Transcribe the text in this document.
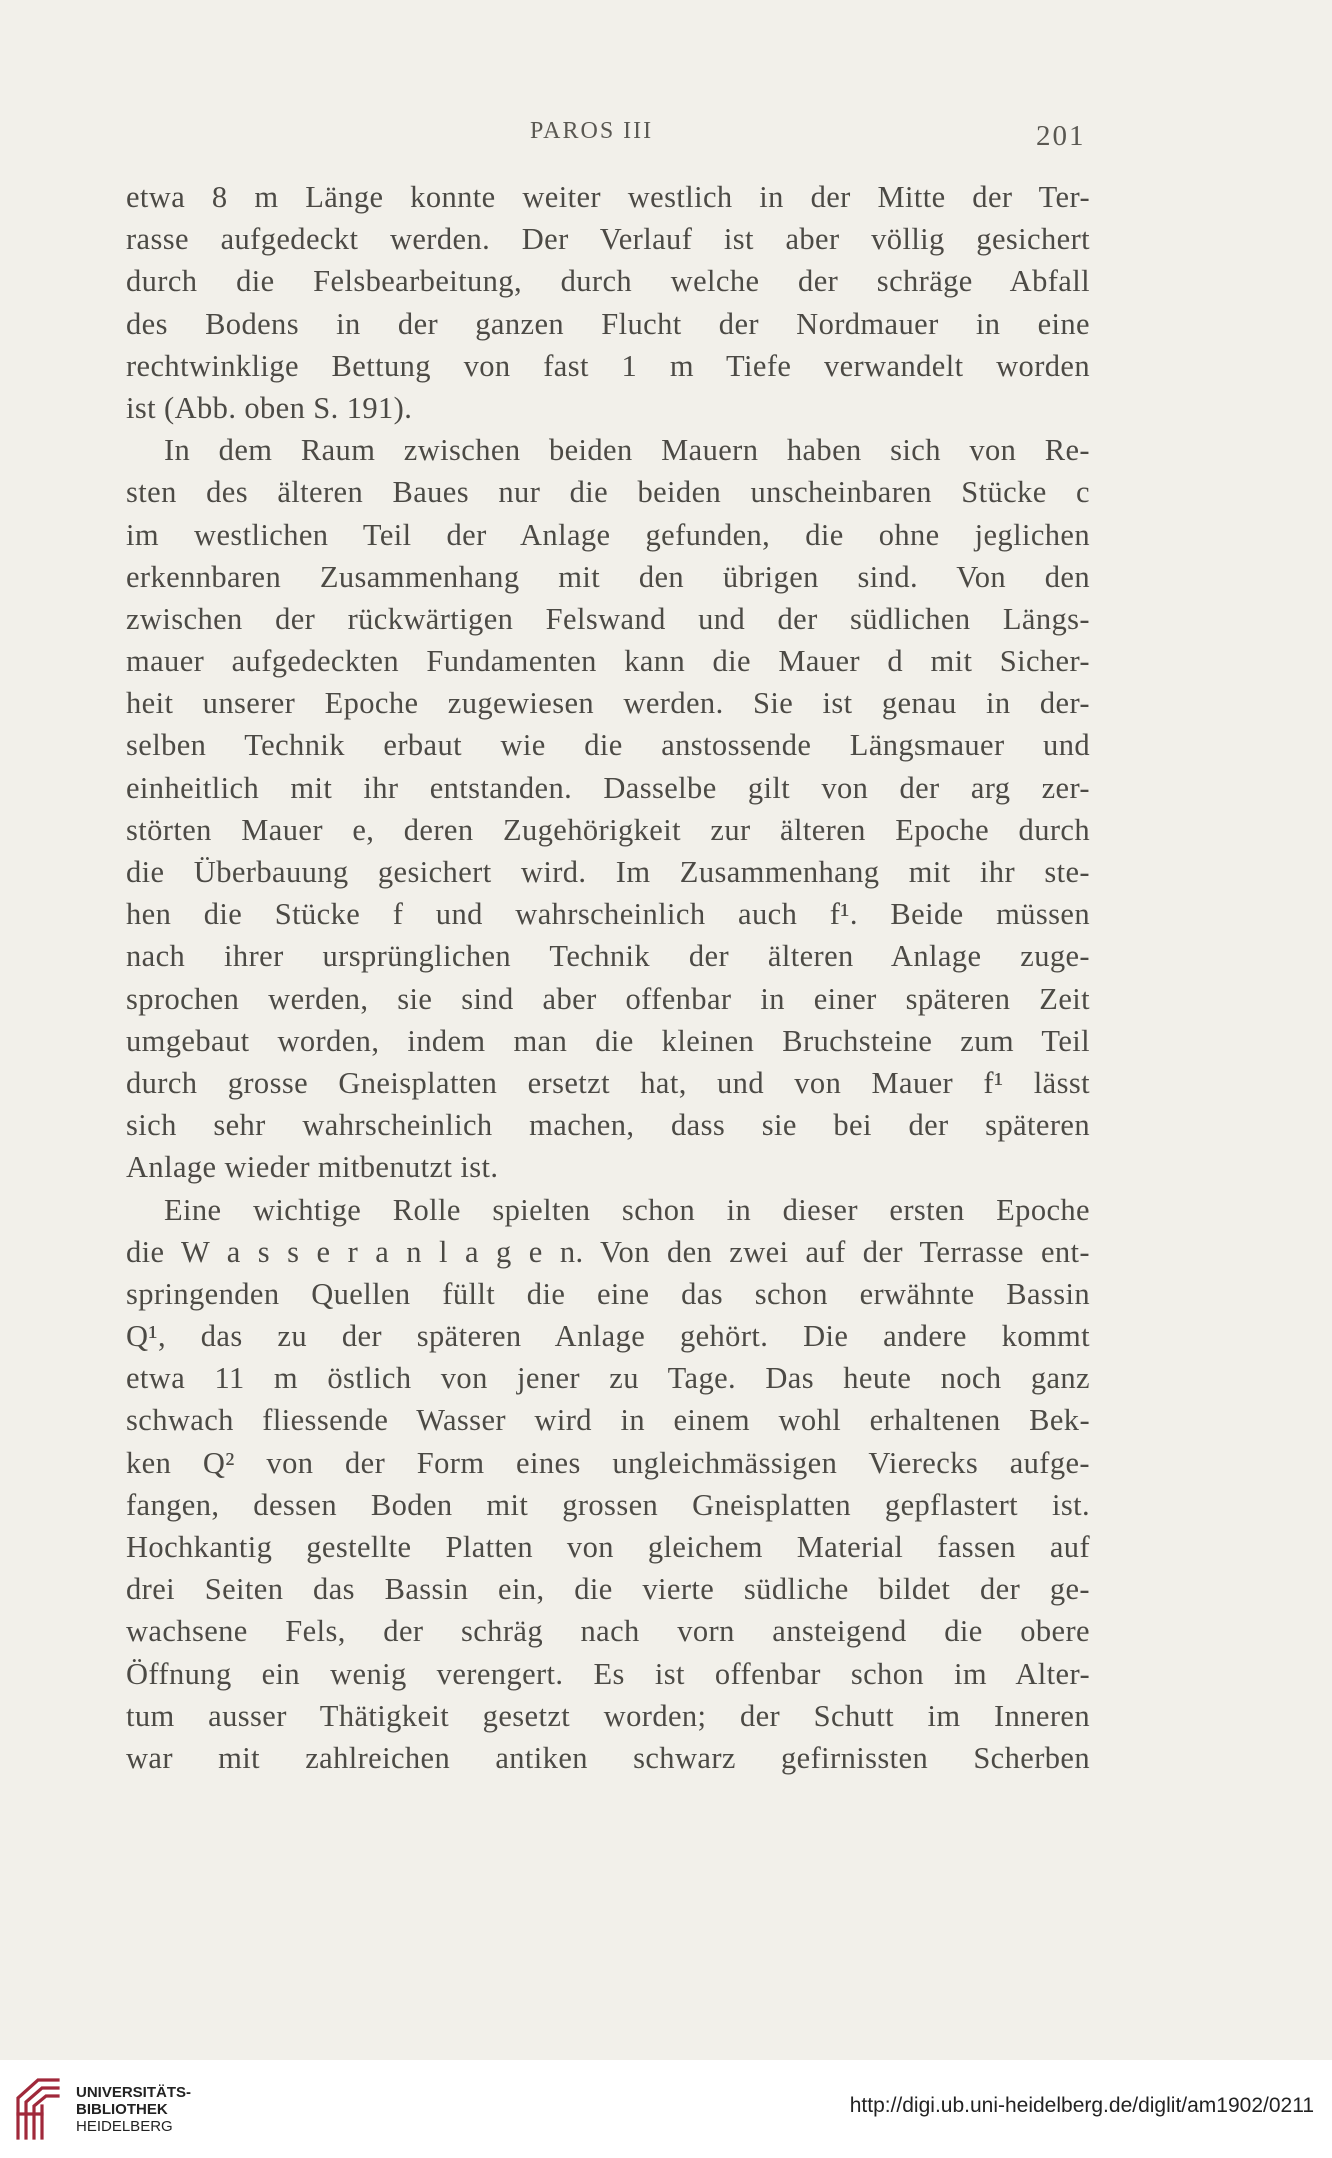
PAROS III	201
etwa 8 m Länge konnte weiter westlich in der Mitte der Ter-
rasse aufgedeckt werden. Der Verlauf ist aber völlig gesichert
durch die Felsbearbeitung, durch welche der schräge Abfall
des Bodens in der ganzen Flucht der Nordmauer in eine
rechtwinklige Bettung von fast 1 m Tiefe verwandelt worden
ist (Abb. oben S. 191).
In dem Raum zwischen beiden Mauern haben sich von Re-
sten des älteren Baues nur die beiden unscheinbaren Stücke c
im westlichen Teil der Anlage gefunden, die ohne jeglichen
erkennbaren Zusammenhang mit den übrigen sind. Von den
zwischen der rückwärtigen Felswand und der südlichen Längs-
mauer aufgedeckten Fundamenten kann die Mauer d mit Sicher-
heit unserer Epoche zugewiesen werden. Sie ist genau in der-
selben Technik erbaut wie die anstossende Längsmauer und
einheitlich mit ihr entstanden. Dasselbe gilt von der arg zer-
störten Mauer e, deren Zugehörigkeit zur älteren Epoche durch
die Überbauung gesichert wird. Im Zusammenhang mit ihr ste-
hen die Stücke f und wahrscheinlich auch f¹. Beide müssen
nach ihrer ursprünglichen Technik der älteren Anlage zuge-
sprochen werden, sie sind aber offenbar in einer späteren Zeit
umgebaut worden, indem man die kleinen Bruchsteine zum Teil
durch grosse Gneisplatten ersetzt hat, und von Mauer f¹ lässt
sich sehr wahrscheinlich machen, dass sie bei der späteren
Anlage wieder mitbenutzt ist.
Eine wichtige Rolle spielten schon in dieser ersten Epoche
die W a s s e r a n l a g e n. Von den zwei auf der Terrasse ent-
springenden Quellen füllt die eine das schon erwähnte Bassin
Q¹, das zu der späteren Anlage gehört. Die andere kommt
etwa 11 m östlich von jener zu Tage. Das heute noch ganz
schwach fliessende Wasser wird in einem wohl erhaltenen Bek-
ken Q² von der Form eines ungleichmässigen Vierecks aufge-
fangen, dessen Boden mit grossen Gneisplatten gepflastert ist.
Hochkantig gestellte Platten von gleichem Material fassen auf
drei Seiten das Bassin ein, die vierte südliche bildet der ge-
wachsene Fels, der schräg nach vorn ansteigend die obere
Öffnung ein wenig verengert. Es ist offenbar schon im Alter-
tum ausser Thätigkeit gesetzt worden; der Schutt im Inneren
war mit zahlreichen antiken schwarz gefirnissten Scherben
UNIVERSITÄTS-
BIBLIOTHEK
HEIDELBERG
http://digi.ub.uni-heidelberg.de/diglit/am1902/0211
